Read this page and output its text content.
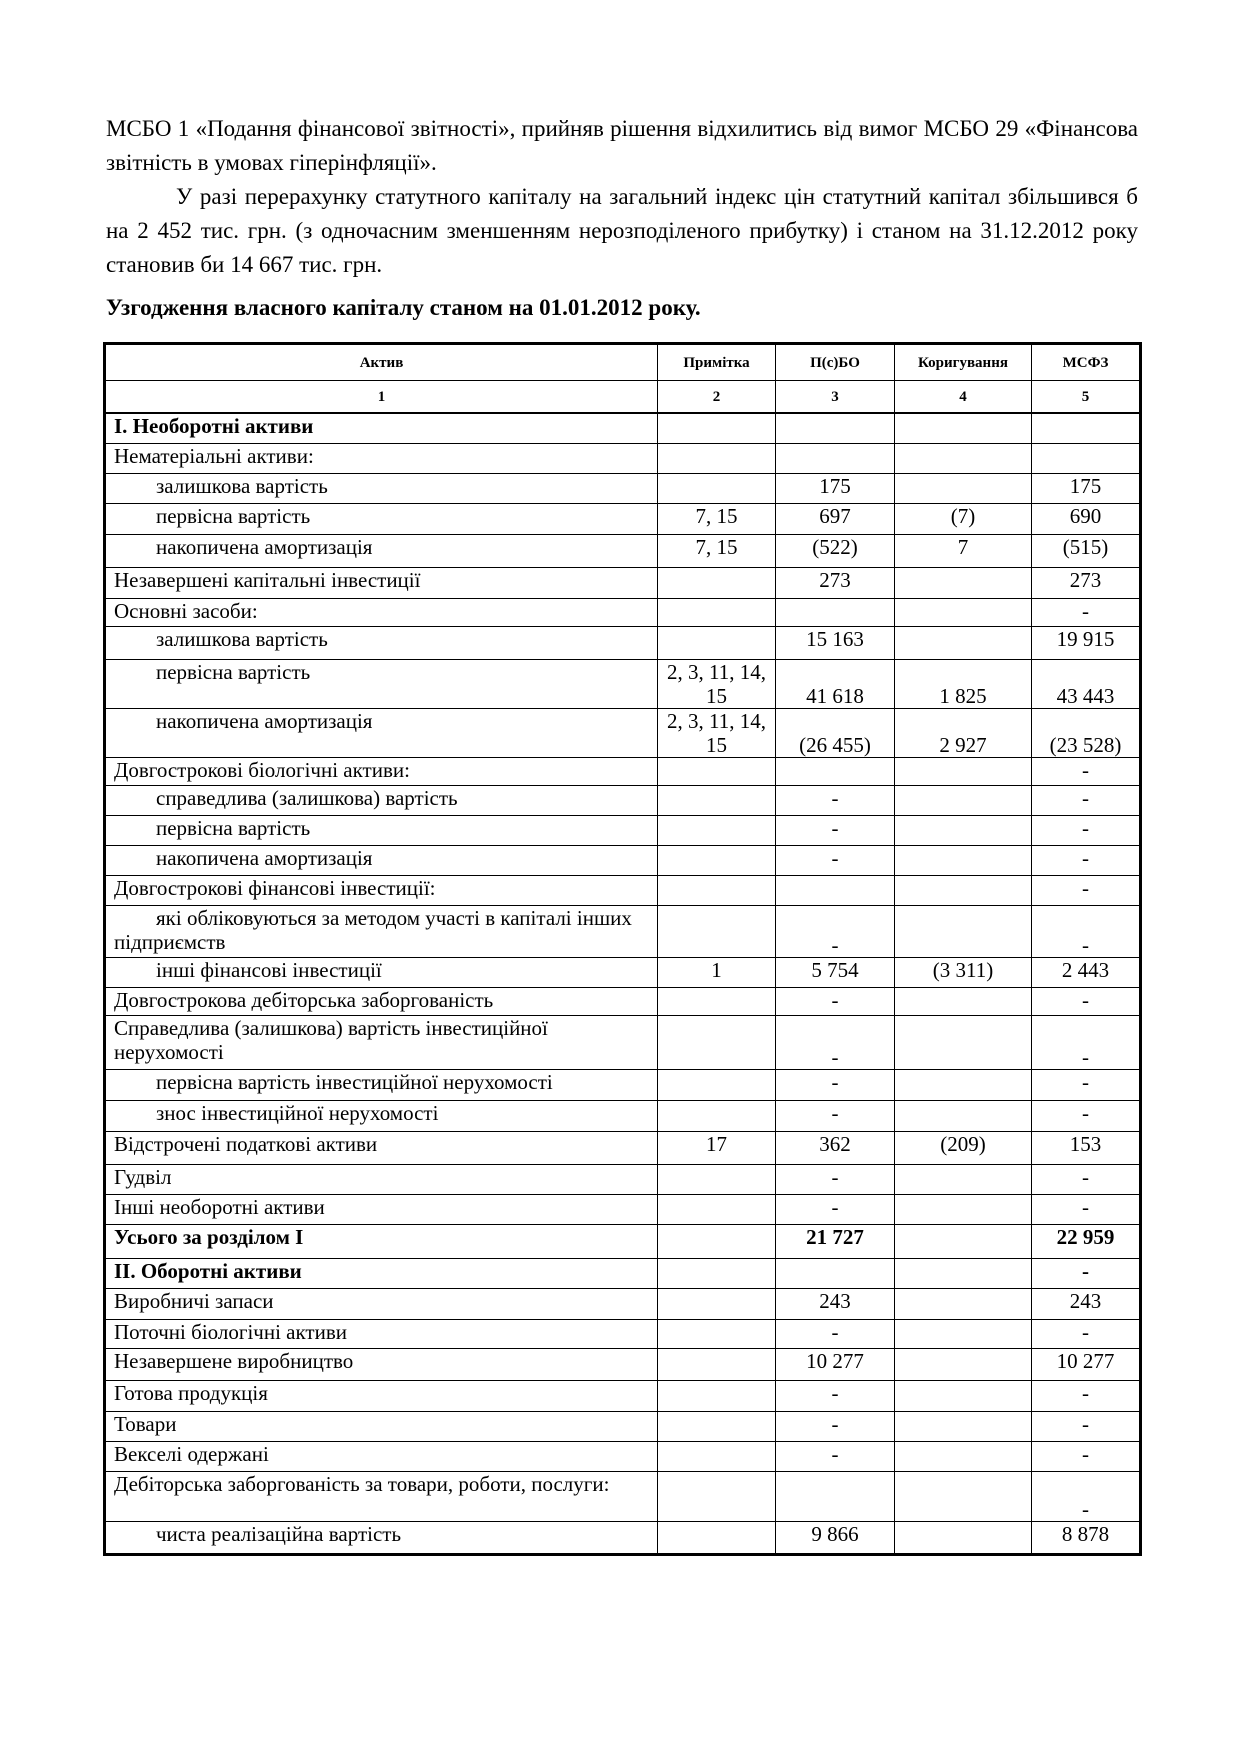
МСБО 1 «Подання фінансової звітності», прийняв рішення відхилитись від вимог МСБО 29 «Фінансова звітність в умовах гіперінфляції».
У разі перерахунку статутного капіталу на загальний індекс цін статутний капітал збільшився б на 2 452 тис. грн. (з одночасним зменшенням нерозподіленого прибутку) і станом на 31.12.2012 року становив би 14 667 тис. грн.
Узгодження власного капіталу станом на 01.01.2012 року.
Актив	Примітка	П(с)БО	Коригування	МСФЗ
1	2	3	4	5
І. Необоротні активи				
Нематеріальні активи:				
залишкова вартість		175		175
первісна вартість	7, 15	697	(7)	690
накопичена амортизація	7, 15	(522)	7	(515)
Незавершені капітальні інвестиції		273		273
Основні засоби:				-
залишкова вартість		15 163		19 915
первісна вартість	2, 3, 11, 14, 15	41 618	1 825	43 443
накопичена амортизація	2, 3, 11, 14, 15	(26 455)	2 927	(23 528)
Довгострокові біологічні активи:				-
справедлива (залишкова) вартість		-		-
первісна вартість		-		-
накопичена амортизація		-		-
Довгострокові фінансові інвестиції:				-
які обліковуються за методом участі в капіталі інших підприємств		-		-
інші фінансові інвестиції	1	5 754	(3 311)	2 443
Довгострокова дебіторська заборгованість		-		-
Справедлива (залишкова) вартість інвестиційної нерухомості		-		-
первісна вартість інвестиційної нерухомості		-		-
знос інвестиційної нерухомості		-		-
Відстрочені податкові активи	17	362	(209)	153
Гудвіл		-		-
Інші необоротні активи		-		-
Усього за розділом І		21 727		22 959
ІІ. Оборотні активи				-
Виробничі запаси		243		243
Поточні біологічні активи		-		-
Незавершене виробництво		10 277		10 277
Готова продукція		-		-
Товари		-		-
Векселі одержані		-		-
Дебіторська заборгованість за товари, роботи, послуги:				-
чиста реалізаційна вартість		9 866		8 878
